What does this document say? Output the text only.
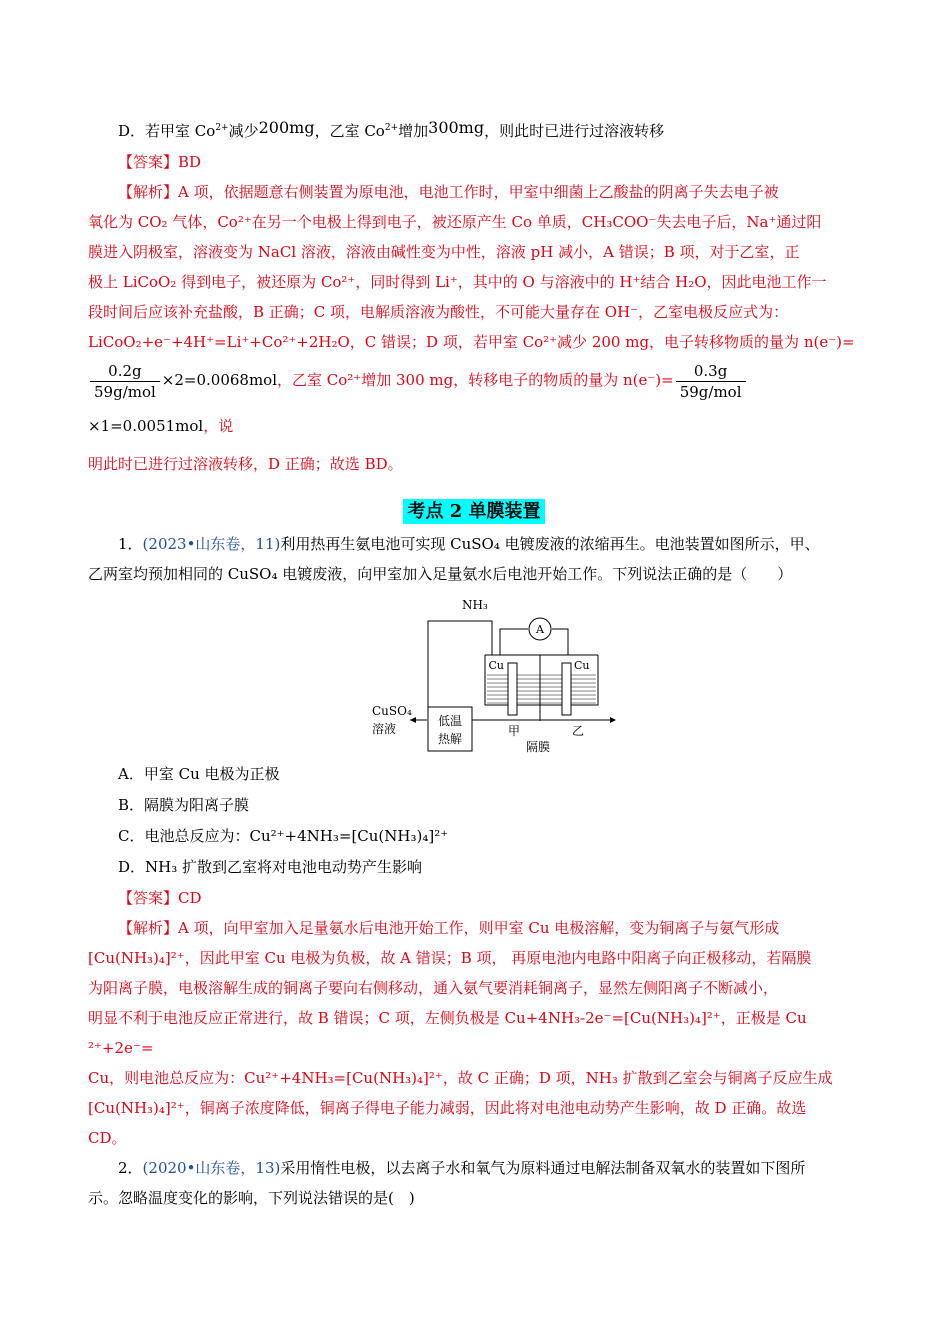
D．若甲室 $Co^{2+}$减少200mg，乙室 $Co^{2+}$增加300mg，则此时已进行过溶液转移
【答案】BD

【解析】A 项，依据题意右侧装置为原电池，电池工作时，甲室中细菌上乙酸盐的阴离子失去电子被

氧化为 CO₂ 气体，Co²⁺在另一个电极上得到电子，被还原产生 Co 单质，CH₃COO⁻失去电子后，Na⁺通过阳

膜进入阴极室，溶液变为 NaCl 溶液，溶液由碱性变为中性，溶液 pH 减小，A 错误；B 项，对于乙室，正

极上 LiCoO₂ 得到电子，被还原为 Co²⁺，同时得到 Li⁺，其中的 O 与溶液中的 H⁺结合 H₂O，因此电池工作一

段时间后应该补充盐酸，B 正确；C 项，电解质溶液为酸性，不可能大量存在 OH⁻，乙室电极反应式为：

LiCoO₂+e⁻+4H⁺=Li⁺+Co²⁺+2H₂O，C 错误；D 项，若甲室 Co²⁺减少 200 mg，电子转移物质的量为 n(e⁻)=

$\frac{0.2g}{\text{59g/mol}} \times 2=0.0068mol$，乙室 Co²⁺增加 300 mg，转移电子的物质的量为 $n(e^-)= \frac{0.3g}{\text{59g/mol}}$
×1=0.0051mol，说

明此时已进行过溶液转移，D 正确；故选 BD。

考点 2 单膜装置

1．(2023•山东卷，11)利用热再生氨电池可实现 CuSO₄ 电镀废液的浓缩再生。电池装置如图所示，甲、

乙两室均预加相同的 CuSO₄ 电镀废液，向甲室加入足量氨水后电池开始工作。下列说法正确的是（　　）

NH₃
A
Cu	Cu
低温
热解
CuSO₄
溶液	甲	乙
隔膜
A．甲室 Cu 电极为正极
B．隔膜为阳离子膜
C．电池总反应为：Cu²⁺+4NH₃=[Cu(NH₃)₄]²⁺
D．NH₃ 扩散到乙室将对电池电动势产生影响
【答案】CD

【解析】A 项，向甲室加入足量氨水后电池开始工作，则甲室 Cu 电极溶解，变为铜离子与氨气形成

[Cu(NH₃)₄]²⁺，因此甲室 Cu 电极为负极，故 A 错误；B 项， 再原电池内电路中阳离子向正极移动，若隔膜

为阳离子膜，电极溶解生成的铜离子要向右侧移动，通入氨气要消耗铜离子，显然左侧阳离子不断减小，

明显不利于电池反应正常进行，故 B 错误；C 项，左侧负极是 Cu+4NH₃-2e⁻=[Cu(NH₃)₄]²⁺，正极是 Cu ²⁺+2e⁻=

Cu，则电池总反应为：Cu²⁺+4NH₃=[Cu(NH₃)₄]²⁺，故 C 正确；D 项，NH₃ 扩散到乙室会与铜离子反应生成

[Cu(NH₃)₄]²⁺，铜离子浓度降低，铜离子得电子能力减弱，因此将对电池电动势产生影响，故 D 正确。故选

CD。

2．(2020•山东卷，13)采用惰性电极，以去离子水和氧气为原料通过电解法制备双氧水的装置如下图所

示。忽略温度变化的影响，下列说法错误的是(　)
